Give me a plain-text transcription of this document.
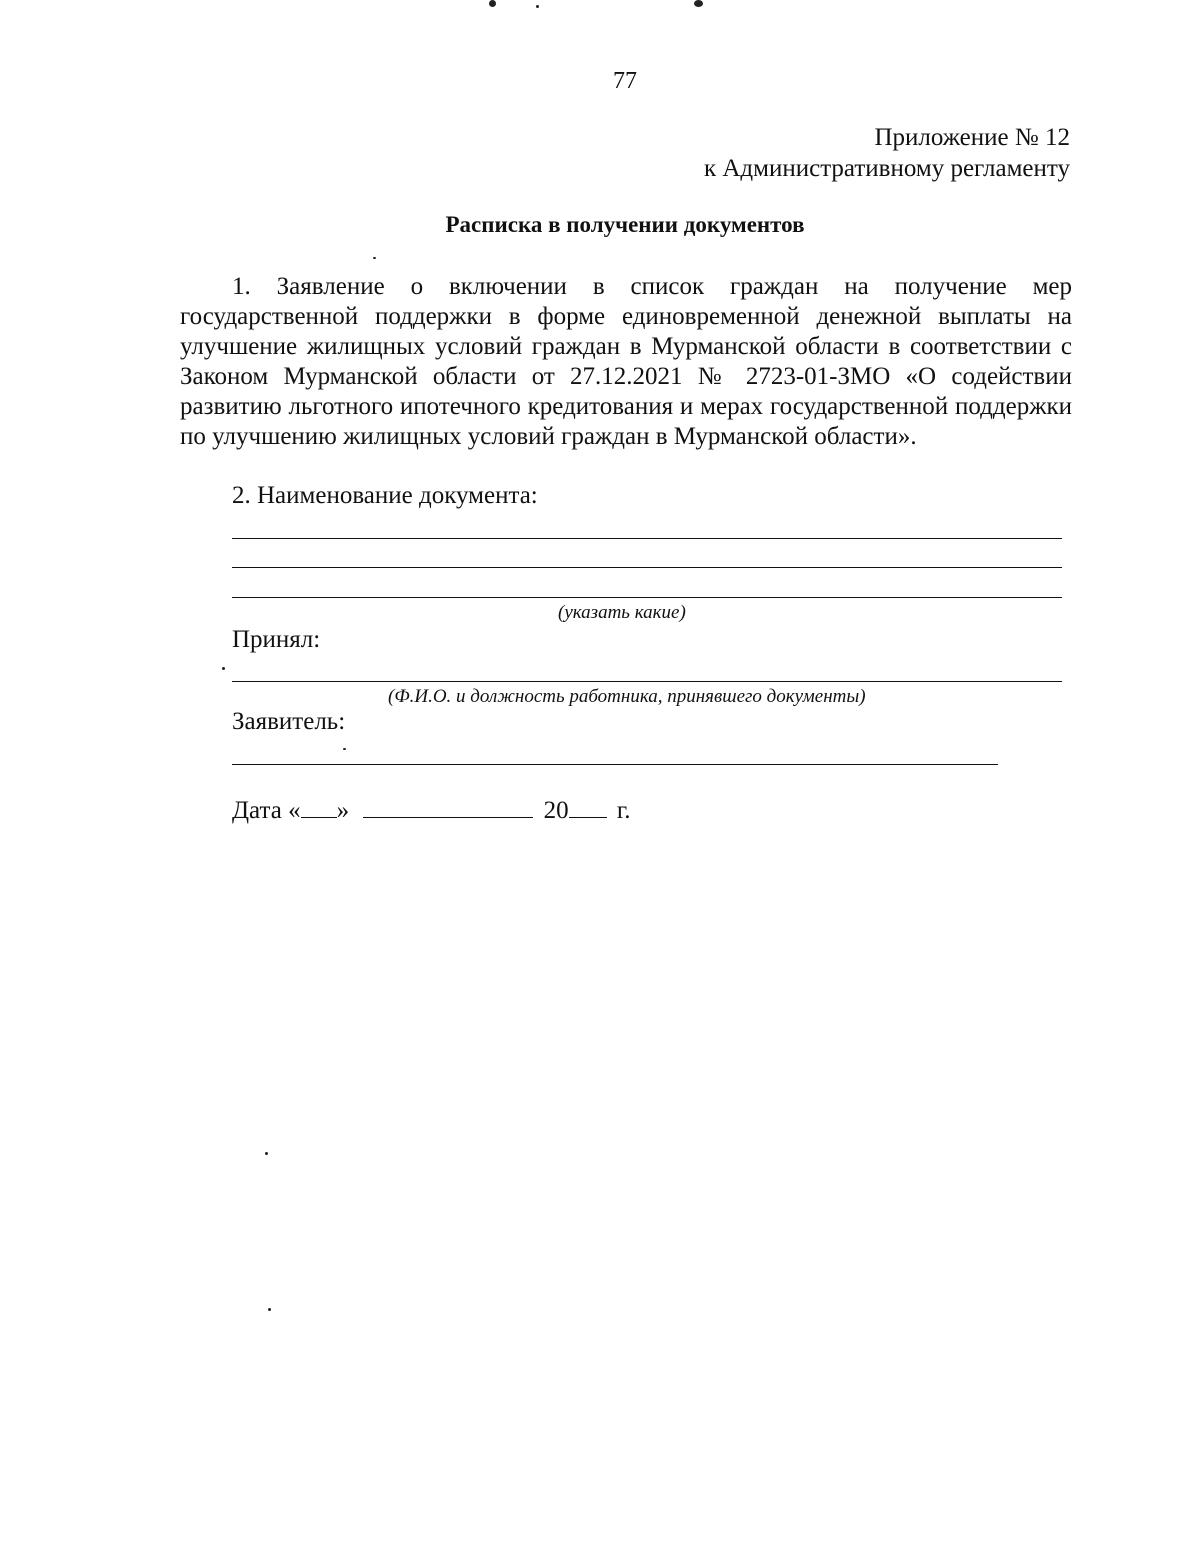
77
Приложение № 12
к Административному регламенту
Расписка в получении документов

1. Заявление о включении в список граждан на получение мер государственной поддержки в форме единовременной денежной выплаты на улучшение жилищных условий граждан в Мурманской области в соответствии с Законом Мурманской области от 27.12.2021 № 2723-01-ЗМО «О содействии развитию льготного ипотечного кредитования и мерах государственной поддержки по улучшению жилищных условий граждан в Мурманской области».

2. Наименование документа:
(указать какие)
Принял:
(Ф.И.О. и должность работника, принявшего документы)
Заявитель:
Дата « »	20 г.
